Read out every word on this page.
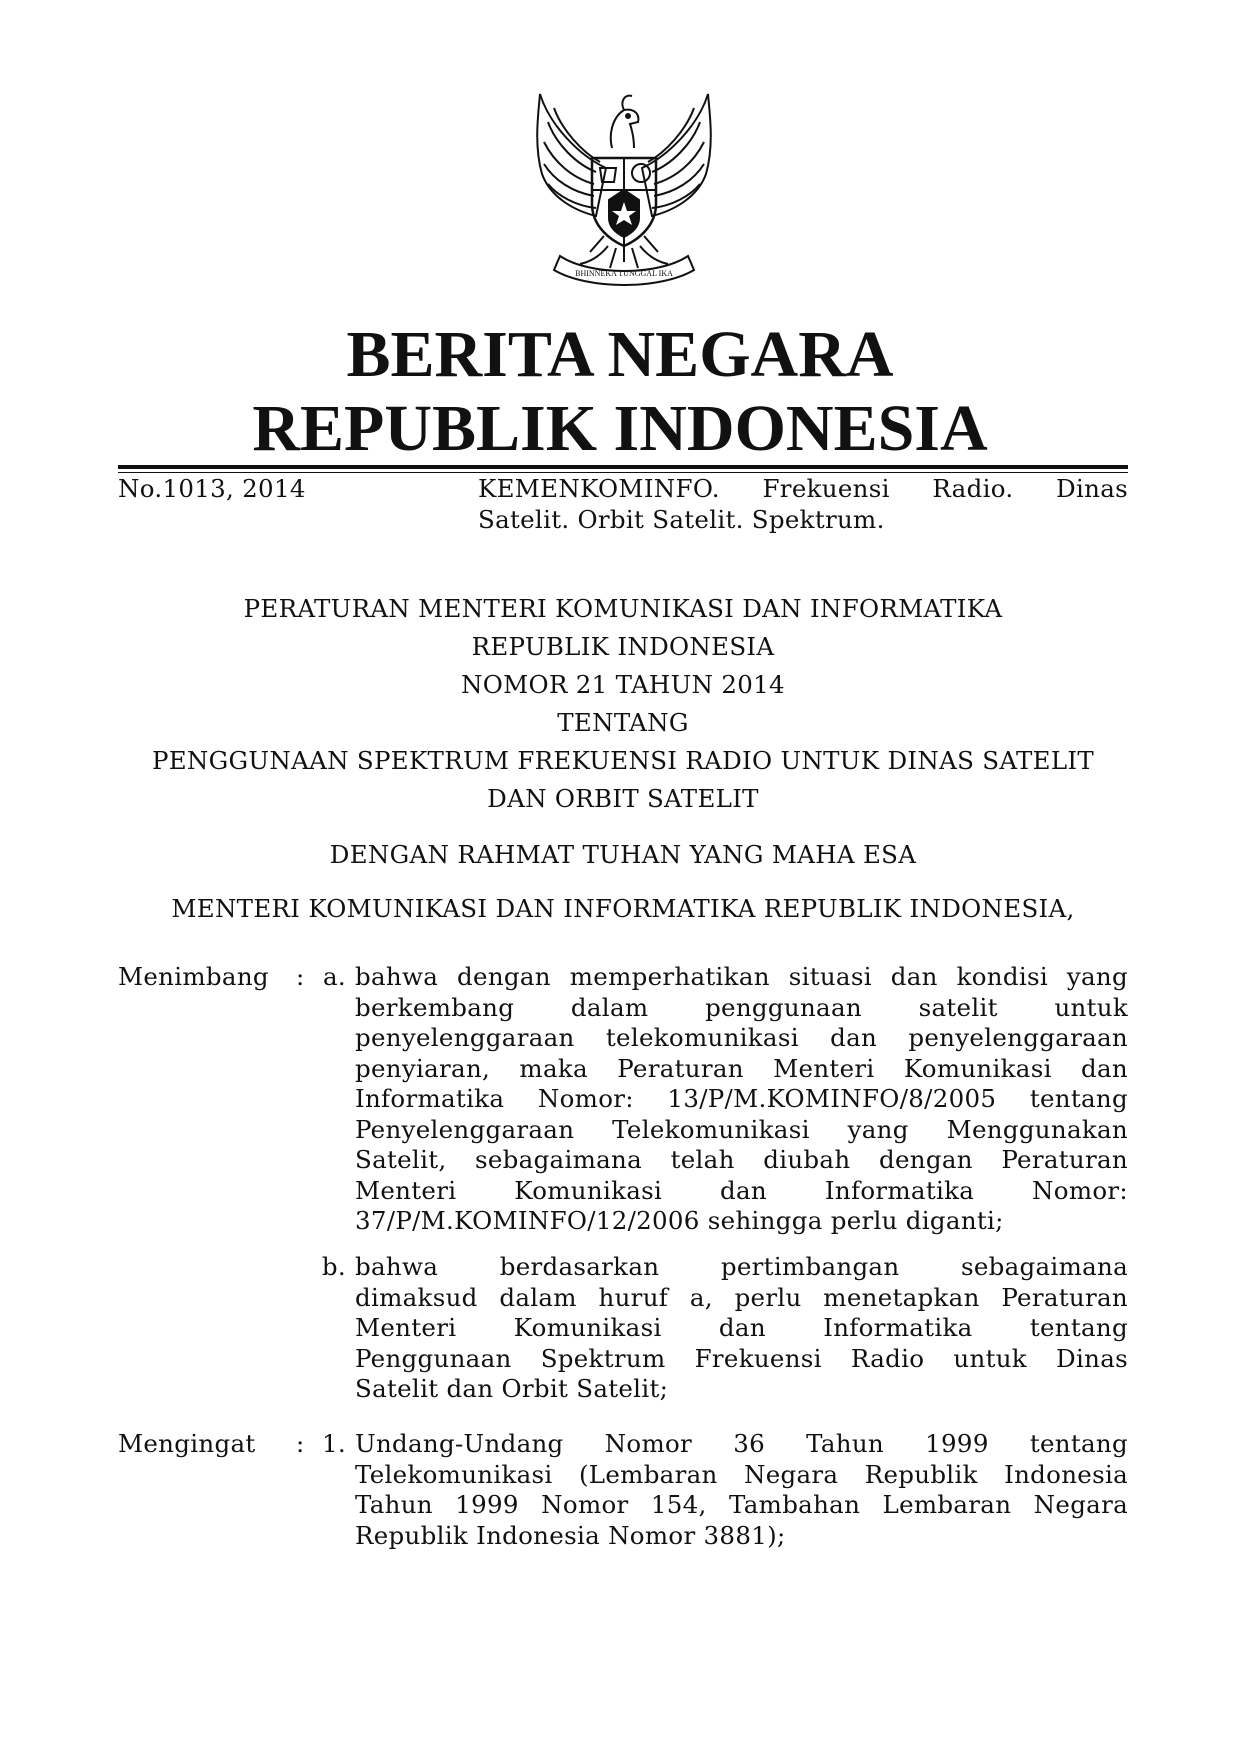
BHINNEKA TUNGGAL IKA
BERITA NEGARA
REPUBLIK INDONESIA
No.1013, 2014	KEMENKOMINFO. Frekuensi Radio. Dinas
Satelit. Orbit Satelit. Spektrum.
PERATURAN MENTERI KOMUNIKASI DAN INFORMATIKA
REPUBLIK INDONESIA
NOMOR 21 TAHUN 2014
TENTANG
PENGGUNAAN SPEKTRUM FREKUENSI RADIO UNTUK DINAS SATELIT
DAN ORBIT SATELIT
DENGAN RAHMAT TUHAN YANG MAHA ESA
MENTERI KOMUNIKASI DAN INFORMATIKA REPUBLIK INDONESIA,
Menimbang : a. bahwa dengan memperhatikan situasi dan kondisi yang
berkembang dalam penggunaan satelit untuk
penyelenggaraan telekomunikasi dan penyelenggaraan
penyiaran, maka Peraturan Menteri Komunikasi dan
Informatika Nomor: 13/P/M.KOMINFO/8/2005 tentang
Penyelenggaraan Telekomunikasi yang Menggunakan
Satelit, sebagaimana telah diubah dengan Peraturan
Menteri Komunikasi dan Informatika Nomor:
37/P/M.KOMINFO/12/2006 sehingga perlu diganti;
b. bahwa berdasarkan pertimbangan sebagaimana
dimaksud dalam huruf a, perlu menetapkan Peraturan
Menteri Komunikasi dan Informatika tentang
Penggunaan Spektrum Frekuensi Radio untuk Dinas
Satelit dan Orbit Satelit;
Mengingat : 1. Undang-Undang Nomor 36 Tahun 1999 tentang
Telekomunikasi (Lembaran Negara Republik Indonesia
Tahun 1999 Nomor 154, Tambahan Lembaran Negara
Republik Indonesia Nomor 3881);
